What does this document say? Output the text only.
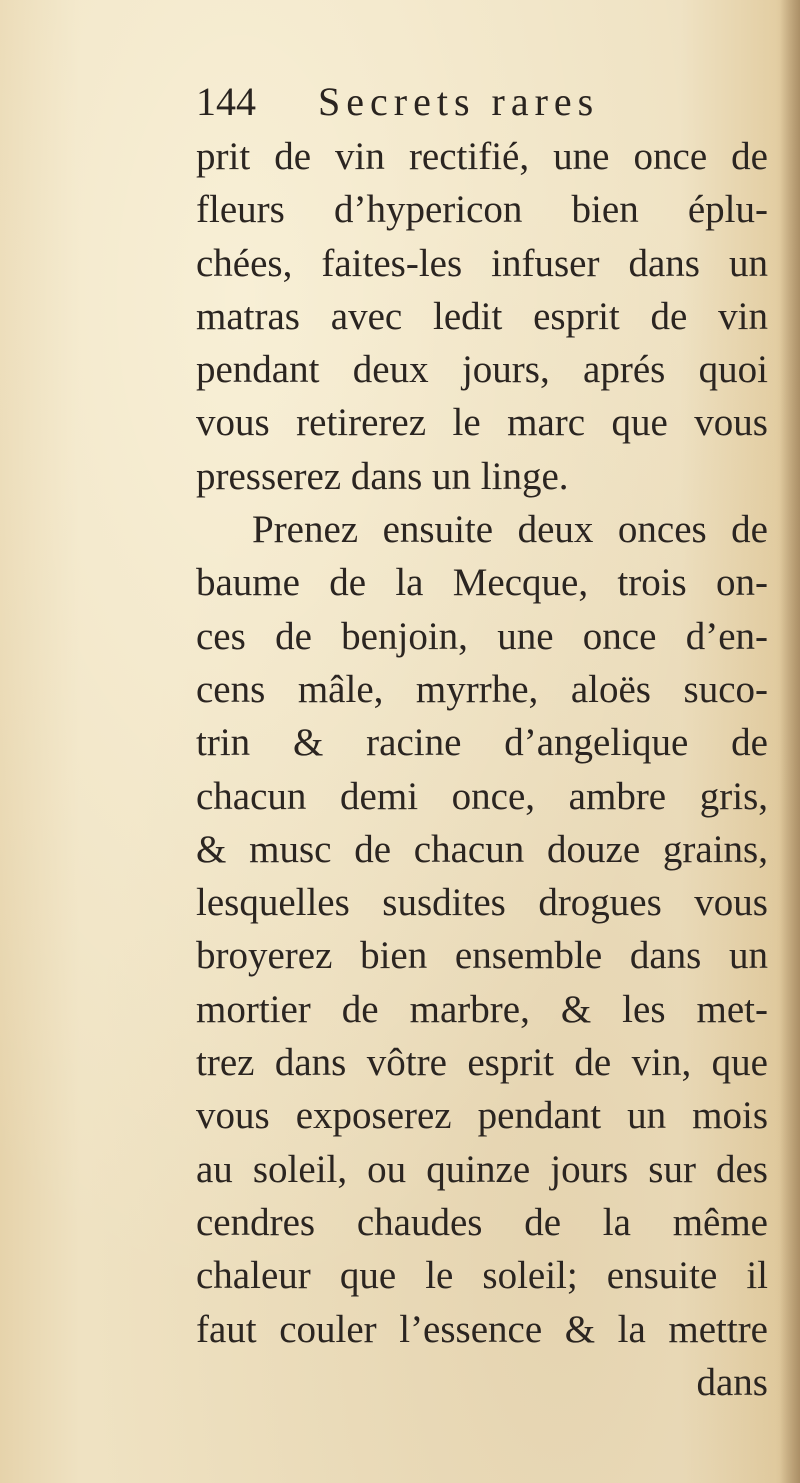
144 Secrets rares
prit de vin rectifié, une once de
fleurs d’hypericon bien éplu-
chées, faites-les infuser dans un
matras avec ledit esprit de vin
pendant deux jours, aprés quoi
vous retirerez le marc que vous
presserez dans un linge.
Prenez ensuite deux onces de
baume de la Mecque, trois on-
ces de benjoin, une once d’en-
cens mâle, myrrhe, aloës suco-
trin & racine d’angelique de
chacun demi once, ambre gris,
& musc de chacun douze grains,
lesquelles susdites drogues vous
broyerez bien ensemble dans un
mortier de marbre, & les met-
trez dans vôtre esprit de vin, que
vous exposerez pendant un mois
au soleil, ou quinze jours sur des
cendres chaudes de la même
chaleur que le soleil; ensuite il
faut couler l’essence & la mettre
dans
